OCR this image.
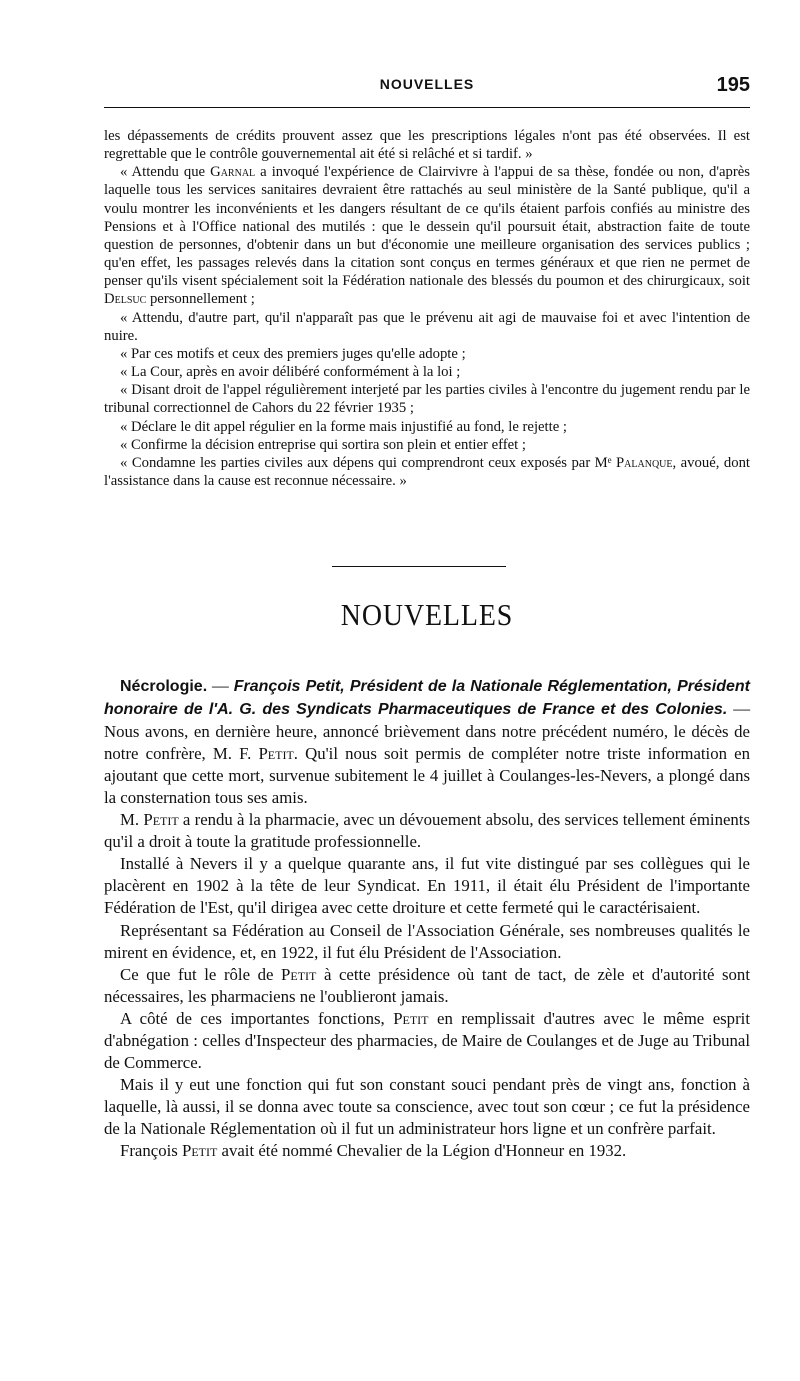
NOUVELLES	195

les dépassements de crédits prouvent assez que les prescriptions légales n'ont pas été observées. Il est regrettable que le contrôle gouvernemental ait été si relâché et si tardif. »

« Attendu que Garnal a invoqué l'expérience de Clairvivre à l'appui de sa thèse, fondée ou non, d'après laquelle tous les services sanitaires devraient être rattachés au seul ministère de la Santé publique, qu'il a voulu montrer les inconvénients et les dangers résultant de ce qu'ils étaient parfois confiés au ministre des Pensions et à l'Office national des mutilés : que le dessein qu'il poursuit était, abstraction faite de toute question de personnes, d'obtenir dans un but d'économie une meilleure organisation des services publics ; qu'en effet, les passages relevés dans la citation sont conçus en termes généraux et que rien ne permet de penser qu'ils visent spécialement soit la Fédération nationale des blessés du poumon et des chirurgicaux, soit Delsuc personnellement ;

« Attendu, d'autre part, qu'il n'apparaît pas que le prévenu ait agi de mauvaise foi et avec l'intention de nuire.

« Par ces motifs et ceux des premiers juges qu'elle adopte ;

« La Cour, après en avoir délibéré conformément à la loi ;

« Disant droit de l'appel régulièrement interjeté par les parties civiles à l'encontre du jugement rendu par le tribunal correctionnel de Cahors du 22 février 1935 ;

« Déclare le dit appel régulier en la forme mais injustifié au fond, le rejette ;

« Confirme la décision entreprise qui sortira son plein et entier effet ;

« Condamne les parties civiles aux dépens qui comprendront ceux exposés par Mᵉ Palanque, avoué, dont l'assistance dans la cause est reconnue nécessaire. »

NOUVELLES

Nécrologie. — François Petit, Président de la Nationale Réglementation, Président honoraire de l'A. G. des Syndicats Pharmaceutiques de France et des Colonies. — Nous avons, en dernière heure, annoncé brièvement dans notre précédent numéro, le décès de notre confrère, M. F. Petit. Qu'il nous soit permis de compléter notre triste information en ajoutant que cette mort, survenue subitement le 4 juillet à Coulanges-les-Nevers, a plongé dans la consternation tous ses amis.

M. Petit a rendu à la pharmacie, avec un dévouement absolu, des services tellement éminents qu'il a droit à toute la gratitude professionnelle.

Installé à Nevers il y a quelque quarante ans, il fut vite distingué par ses collègues qui le placèrent en 1902 à la tête de leur Syndicat. En 1911, il était élu Président de l'importante Fédération de l'Est, qu'il dirigea avec cette droiture et cette fermeté qui le caractérisaient.

Représentant sa Fédération au Conseil de l'Association Générale, ses nombreuses qualités le mirent en évidence, et, en 1922, il fut élu Président de l'Association.

Ce que fut le rôle de Petit à cette présidence où tant de tact, de zèle et d'autorité sont nécessaires, les pharmaciens ne l'oublieront jamais.

A côté de ces importantes fonctions, Petit en remplissait d'autres avec le même esprit d'abnégation : celles d'Inspecteur des pharmacies, de Maire de Coulanges et de Juge au Tribunal de Commerce.

Mais il y eut une fonction qui fut son constant souci pendant près de vingt ans, fonction à laquelle, là aussi, il se donna avec toute sa conscience, avec tout son cœur ; ce fut la présidence de la Nationale Réglementation où il fut un administrateur hors ligne et un confrère parfait.

François Petit avait été nommé Chevalier de la Légion d'Honneur en 1932.
